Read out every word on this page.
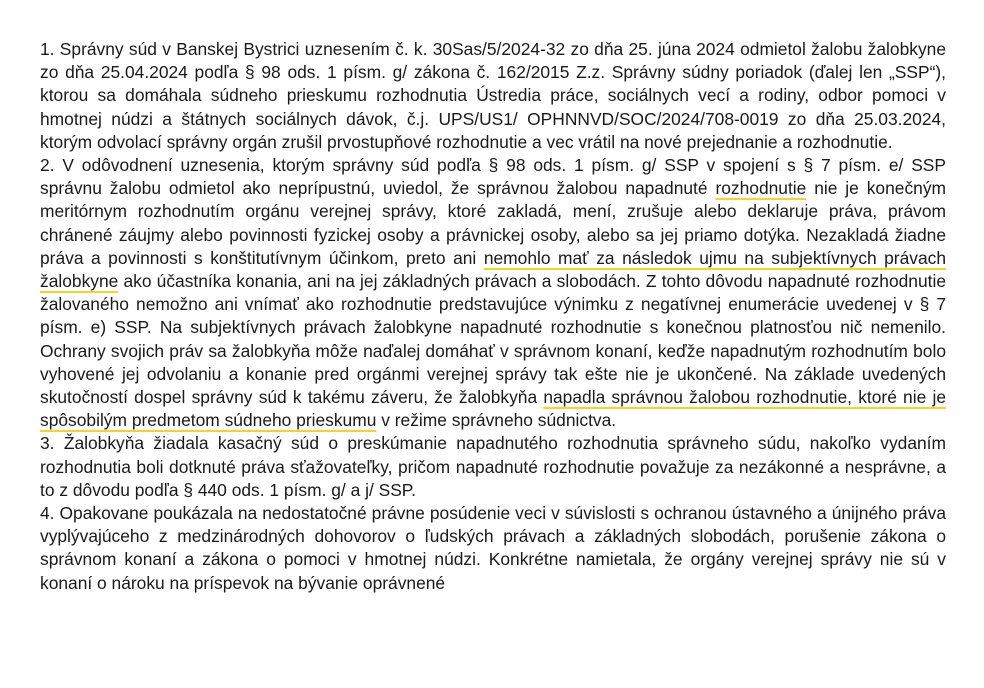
1. Správny súd v Banskej Bystrici uznesením č. k. 30Sas/5/2024-32 zo dňa 25. júna 2024 odmietol žalobu žalobkyne zo dňa 25.04.2024 podľa § 98 ods. 1 písm. g/ zákona č. 162/2015 Z.z. Správny súdny poriadok (ďalej len „SSP“), ktorou sa domáhala súdneho prieskumu rozhodnutia Ústredia práce, sociálnych vecí a rodiny, odbor pomoci v hmotnej núdzi a štátnych sociálnych dávok, č.j. UPS/US1/ OPHNNVD/SOC/2024/708-0019 zo dňa 25.03.2024, ktorým odvolací správny orgán zrušil prvostupňové rozhodnutie a vec vrátil na nové prejednanie a rozhodnutie.

2. V odôvodnení uznesenia, ktorým správny súd podľa § 98 ods. 1 písm. g/ SSP v spojení s § 7 písm. e/ SSP správnu žalobu odmietol ako neprípustnú, uviedol, že správnou žalobou napadnuté rozhodnutie nie je konečným meritórnym rozhodnutím orgánu verejnej správy, ktoré zakladá, mení, zrušuje alebo deklaruje práva, právom chránené záujmy alebo povinnosti fyzickej osoby a právnickej osoby, alebo sa jej priamo dotýka. Nezakladá žiadne práva a povinnosti s konštitutívnym účinkom, preto ani nemohlo mať za následok ujmu na subjektívnych právach žalobkyne ako účastníka konania, ani na jej základných právach a slobodách. Z tohto dôvodu napadnuté rozhodnutie žalovaného nemožno ani vnímať ako rozhodnutie predstavujúce výnimku z negatívnej enumerácie uvedenej v § 7 písm. e) SSP. Na subjektívnych právach žalobkyne napadnuté rozhodnutie s konečnou platnosťou nič nemenilo. Ochrany svojich práv sa žalobkyňa môže naďalej domáhať v správnom konaní, keďže napadnutým rozhodnutím bolo vyhovené jej odvolaniu a konanie pred orgánmi verejnej správy tak ešte nie je ukončené. Na základe uvedených skutočností dospel správny súd k takému záveru, že žalobkyňa napadla správnou žalobou rozhodnutie, ktoré nie je spôsobilým predmetom súdneho prieskumu v režime správneho súdnictva.

3. Žalobkyňa žiadala kasačný súd o preskúmanie napadnutého rozhodnutia správneho súdu, nakoľko vydaním rozhodnutia boli dotknuté práva sťažovateľky, pričom napadnuté rozhodnutie považuje za nezákonné a nesprávne, a to z dôvodu podľa § 440 ods. 1 písm. g/ a j/ SSP.

4. Opakovane poukázala na nedostatočné právne posúdenie veci v súvislosti s ochranou ústavného a únijného práva vyplývajúceho z medzinárodných dohovorov o ľudských právach a základných slobodách, porušenie zákona o správnom konaní a zákona o pomoci v hmotnej núdzi. Konkrétne namietala, že orgány verejnej správy nie sú v konaní o nároku na príspevok na bývanie oprávnené
